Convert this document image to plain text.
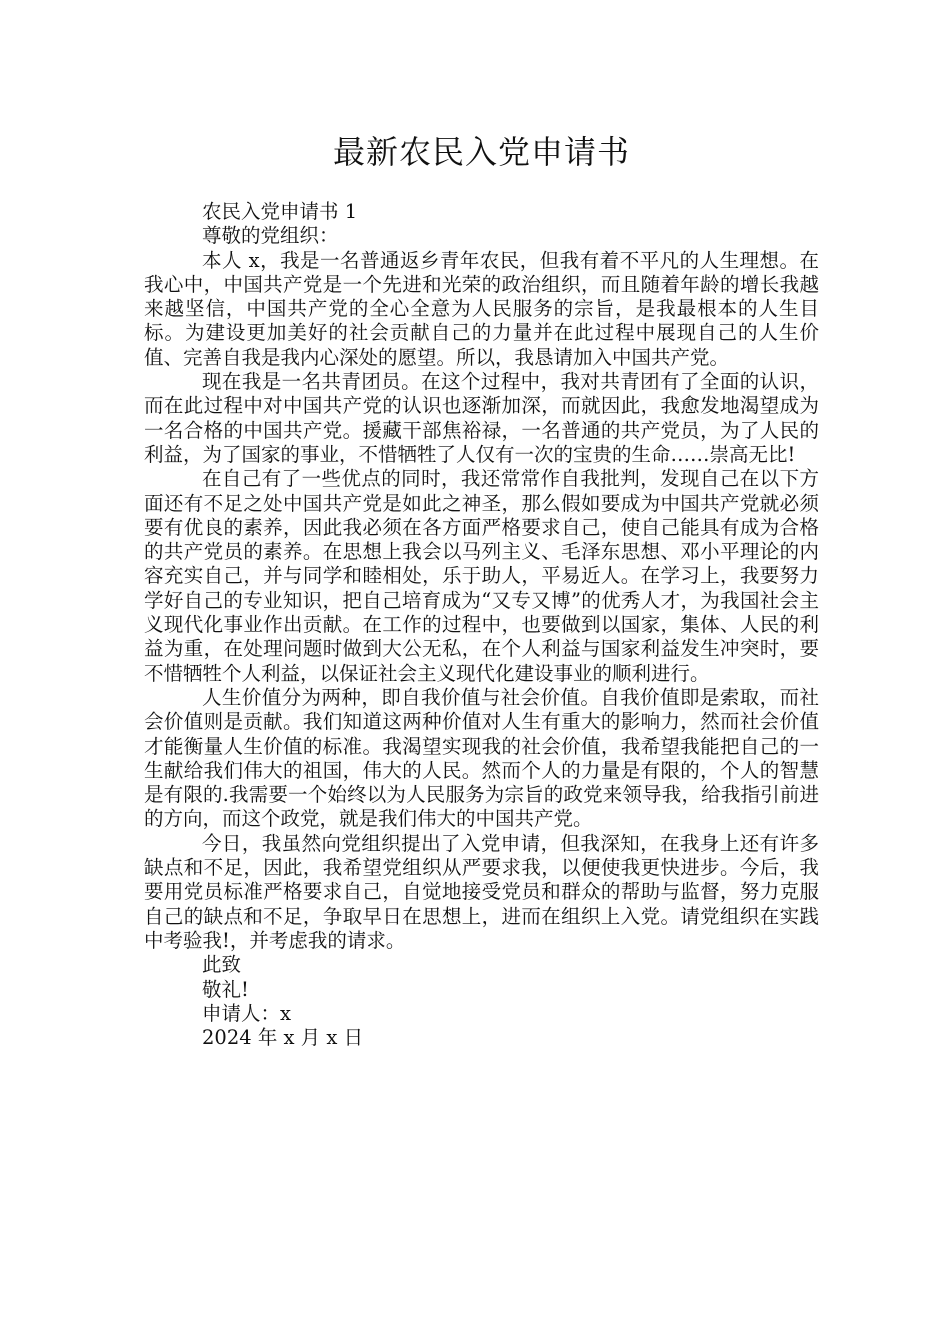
最新农民入党申请书

农民入党申请书 1

尊敬的党组织：

本人 x，我是一名普通返乡青年农民，但我有着不平凡的人生理想。在我心中，中国共产党是一个先进和光荣的政治组织，而且随着年龄的增长我越来越坚信，中国共产党的全心全意为人民服务的宗旨，是我最根本的人生目标。为建设更加美好的社会贡献自己的力量并在此过程中展现自己的人生价值、完善自我是我内心深处的愿望。所以，我恳请加入中国共产党。

现在我是一名共青团员。在这个过程中，我对共青团有了全面的认识，而在此过程中对中国共产党的认识也逐渐加深，而就因此，我愈发地渴望成为一名合格的中国共产党。援藏干部焦裕禄，一名普通的共产党员，为了人民的利益，为了国家的事业，不惜牺牲了人仅有一次的宝贵的生命……崇高无比!

在自己有了一些优点的同时，我还常常作自我批判，发现自己在以下方面还有不足之处中国共产党是如此之神圣，那么假如要成为中国共产党就必须要有优良的素养，因此我必须在各方面严格要求自己，使自己能具有成为合格的共产党员的素养。在思想上我会以马列主义、毛泽东思想、邓小平理论的内容充实自己，并与同学和睦相处，乐于助人，平易近人。在学习上，我要努力学好自己的专业知识，把自己培育成为“又专又博”的优秀人才，为我国社会主义现代化事业作出贡献。在工作的过程中，也要做到以国家，集体、人民的利益为重，在处理问题时做到大公无私，在个人利益与国家利益发生冲突时，要不惜牺牲个人利益，以保证社会主义现代化建设事业的顺利进行。

人生价值分为两种，即自我价值与社会价值。自我价值即是索取，而社会价值则是贡献。我们知道这两种价值对人生有重大的影响力，然而社会价值才能衡量人生价值的标准。我渴望实现我的社会价值，我希望我能把自己的一生献给我们伟大的祖国，伟大的人民。然而个人的力量是有限的，个人的智慧是有限的.我需要一个始终以为人民服务为宗旨的政党来领导我，给我指引前进的方向，而这个政党，就是我们伟大的中国共产党。

今日，我虽然向党组织提出了入党申请，但我深知，在我身上还有许多缺点和不足，因此，我希望党组织从严要求我，以便使我更快进步。今后，我要用党员标准严格要求自己，自觉地接受党员和群众的帮助与监督，努力克服自己的缺点和不足，争取早日在思想上，进而在组织上入党。请党组织在实践中考验我!，并考虑我的请求。

此致

敬礼!

申请人：x

2024 年 x 月 x 日
